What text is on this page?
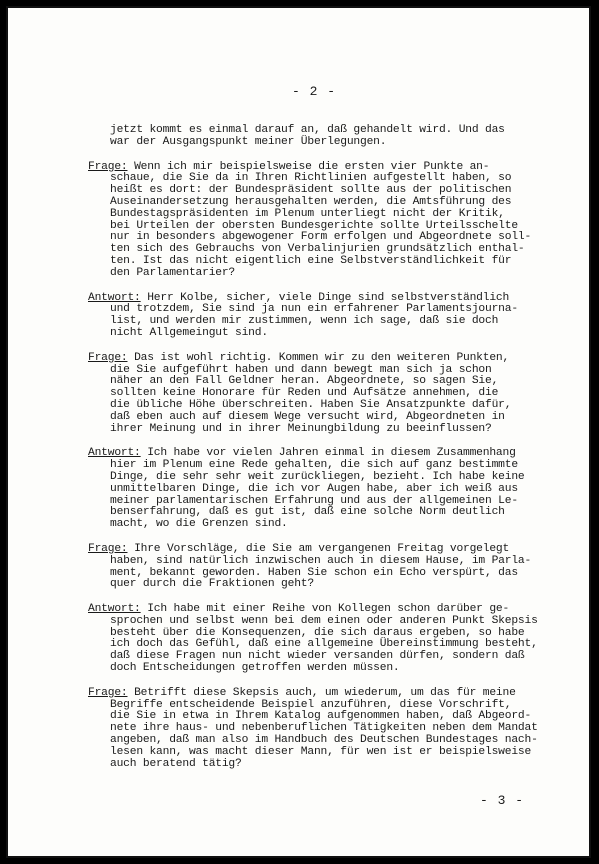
- 2 -
jetzt kommt es einmal darauf an, daß gehandelt wird. Und das
war der Ausgangspunkt meiner Überlegungen.
Frage: Wenn ich mir beispielsweise die ersten vier Punkte an-
schaue, die Sie da in Ihren Richtlinien aufgestellt haben, so
heißt es dort: der Bundespräsident sollte aus der politischen
Auseinandersetzung herausgehalten werden, die Amtsführung des
Bundestagspräsidenten im Plenum unterliegt nicht der Kritik,
bei Urteilen der obersten Bundesgerichte sollte Urteilsschelte
nur in besonders abgewogener Form erfolgen und Abgeordnete soll-
ten sich des Gebrauchs von Verbalinjurien grundsätzlich enthal-
ten. Ist das nicht eigentlich eine Selbstverständlichkeit für
den Parlamentarier?
Antwort: Herr Kolbe, sicher, viele Dinge sind selbstverständlich
und trotzdem, Sie sind ja nun ein erfahrener Parlamentsjourna-
list, und werden mir zustimmen, wenn ich sage, daß sie doch
nicht Allgemeingut sind.
Frage: Das ist wohl richtig. Kommen wir zu den weiteren Punkten,
die Sie aufgeführt haben und dann bewegt man sich ja schon
näher an den Fall Geldner heran. Abgeordnete, so sagen Sie,
sollten keine Honorare für Reden und Aufsätze annehmen, die
die übliche Höhe überschreiten. Haben Sie Ansatzpunkte dafür,
daß eben auch auf diesem Wege versucht wird, Abgeordneten in
ihrer Meinung und in ihrer Meinungbildung zu beeinflussen?
Antwort: Ich habe vor vielen Jahren einmal in diesem Zusammenhang
hier im Plenum eine Rede gehalten, die sich auf ganz bestimmte
Dinge, die sehr sehr weit zurückliegen, bezieht. Ich habe keine
unmittelbaren Dinge, die ich vor Augen habe, aber ich weiß aus
meiner parlamentarischen Erfahrung und aus der allgemeinen Le-
benserfahrung, daß es gut ist, daß eine solche Norm deutlich
macht, wo die Grenzen sind.
Frage: Ihre Vorschläge, die Sie am vergangenen Freitag vorgelegt
haben, sind natürlich inzwischen auch in diesem Hause, im Parla-
ment, bekannt geworden. Haben Sie schon ein Echo verspürt, das
quer durch die Fraktionen geht?
Antwort: Ich habe mit einer Reihe von Kollegen schon darüber ge-
sprochen und selbst wenn bei dem einen oder anderen Punkt Skepsis
besteht über die Konsequenzen, die sich daraus ergeben, so habe
ich doch das Gefühl, daß eine allgemeine Übereinstimmung besteht,
daß diese Fragen nun nicht wieder versanden dürfen, sondern daß
doch Entscheidungen getroffen werden müssen.
Frage: Betrifft diese Skepsis auch, um wiederum, um das für meine
Begriffe entscheidende Beispiel anzuführen, diese Vorschrift,
die Sie in etwa in Ihrem Katalog aufgenommen haben, daß Abgeord-
nete ihre haus- und nebenberuflichen Tätigkeiten neben dem Mandat
angeben, daß man also im Handbuch des Deutschen Bundestages nach-
lesen kann, was macht dieser Mann, für wen ist er beispielsweise
auch beratend tätig?
- 3 -
